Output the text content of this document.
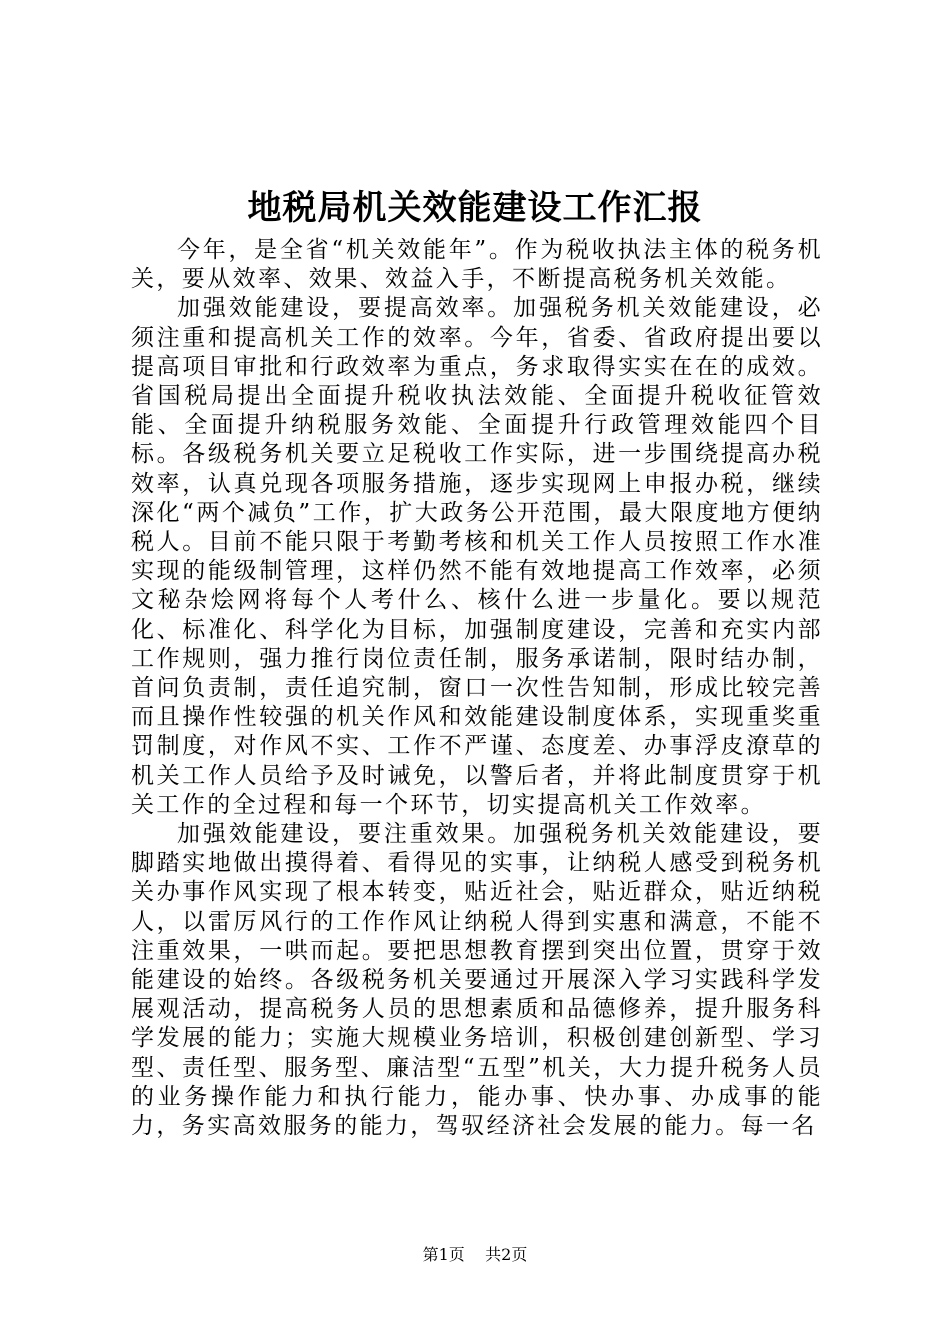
地税局机关效能建设工作汇报

今年，是全省“机关效能年”。作为税收执法主体的税务机关，要从效率、效果、效益入手，不断提高税务机关效能。

加强效能建设，要提高效率。加强税务机关效能建设，必须注重和提高机关工作的效率。今年，省委、省政府提出要以提高项目审批和行政效率为重点，务求取得实实在在的成效。省国税局提出全面提升税收执法效能、全面提升税收征管效能、全面提升纳税服务效能、全面提升行政管理效能四个目标。各级税务机关要立足税收工作实际，进一步围绕提高办税效率，认真兑现各项服务措施，逐步实现网上申报办税，继续深化“两个减负”工作，扩大政务公开范围，最大限度地方便纳税人。目前不能只限于考勤考核和机关工作人员按照工作水准实现的能级制管理，这样仍然不能有效地提高工作效率，必须文秘杂烩网将每个人考什么、核什么进一步量化。要以规范化、标准化、科学化为目标，加强制度建设，完善和充实内部工作规则，强力推行岗位责任制，服务承诺制，限时结办制，首问负责制，责任追究制，窗口一次性告知制，形成比较完善而且操作性较强的机关作风和效能建设制度体系，实现重奖重罚制度，对作风不实、工作不严谨、态度差、办事浮皮潦草的机关工作人员给予及时诫免，以警后者，并将此制度贯穿于机关工作的全过程和每一个环节，切实提高机关工作效率。

加强效能建设，要注重效果。加强税务机关效能建设，要脚踏实地做出摸得着、看得见的实事，让纳税人感受到税务机关办事作风实现了根本转变，贴近社会，贴近群众，贴近纳税人，以雷厉风行的工作作风让纳税人得到实惠和满意，不能不注重效果，一哄而起。要把思想教育摆到突出位置，贯穿于效能建设的始终。各级税务机关要通过开展深入学习实践科学发展观活动，提高税务人员的思想素质和品德修养，提升服务科学发展的能力；实施大规模业务培训，积极创建创新型、学习型、责任型、服务型、廉洁型“五型”机关，大力提升税务人员的业务操作能力和执行能力，能办事、快办事、办成事的能力，务实高效服务的能力，驾驭经济社会发展的能力。每一名

第1页 共2页
